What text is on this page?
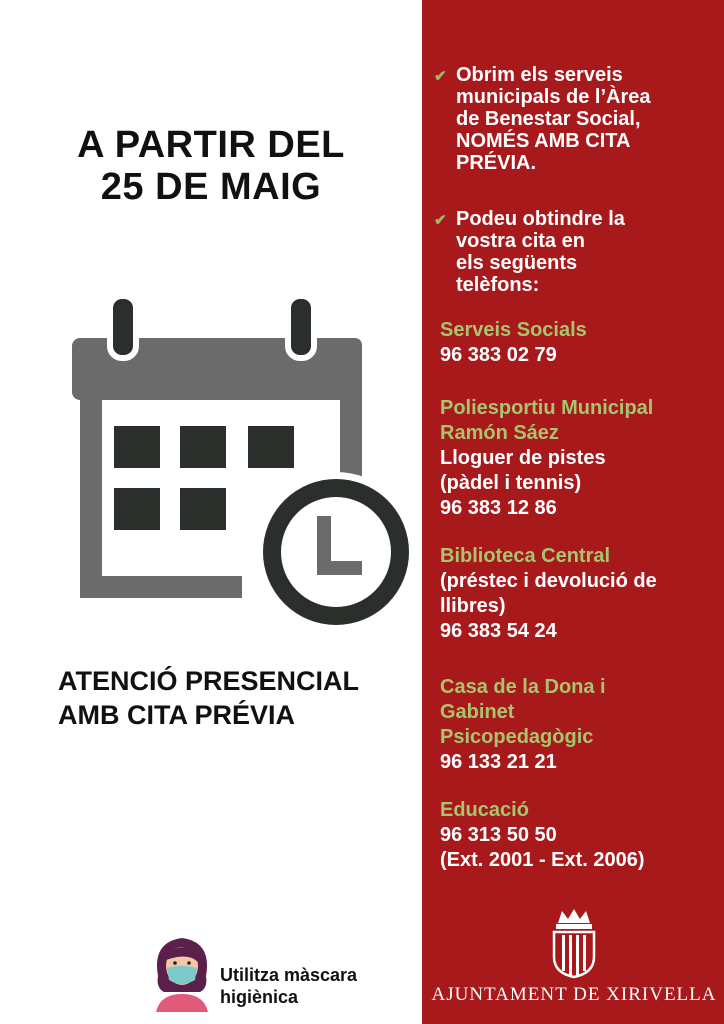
A PARTIR DEL
25 DE MAIG
ATENCIÓ PRESENCIAL
AMB CITA PRÉVIA
Utilitza màscara
higiènica
✔ Obrim els serveis
municipals de l’Àrea
de Benestar Social,
NOMÉS AMB CITA
PRÉVIA.
✔ Podeu obtindre la
vostra cita en
els següents
telèfons:
Serveis Socials
96 383 02 79
Poliesportiu Municipal
Ramón Sáez
Lloguer de pistes
(pàdel i tennis)
96 383 12 86
Biblioteca Central
(préstec i devolució de
llibres)
96 383 54 24
Casa de la Dona i
Gabinet
Psicopedagògic
96 133 21 21
Educació
96 313 50 50
(Ext. 2001 - Ext. 2006)
AJUNTAMENT DE XIRIVELLA
